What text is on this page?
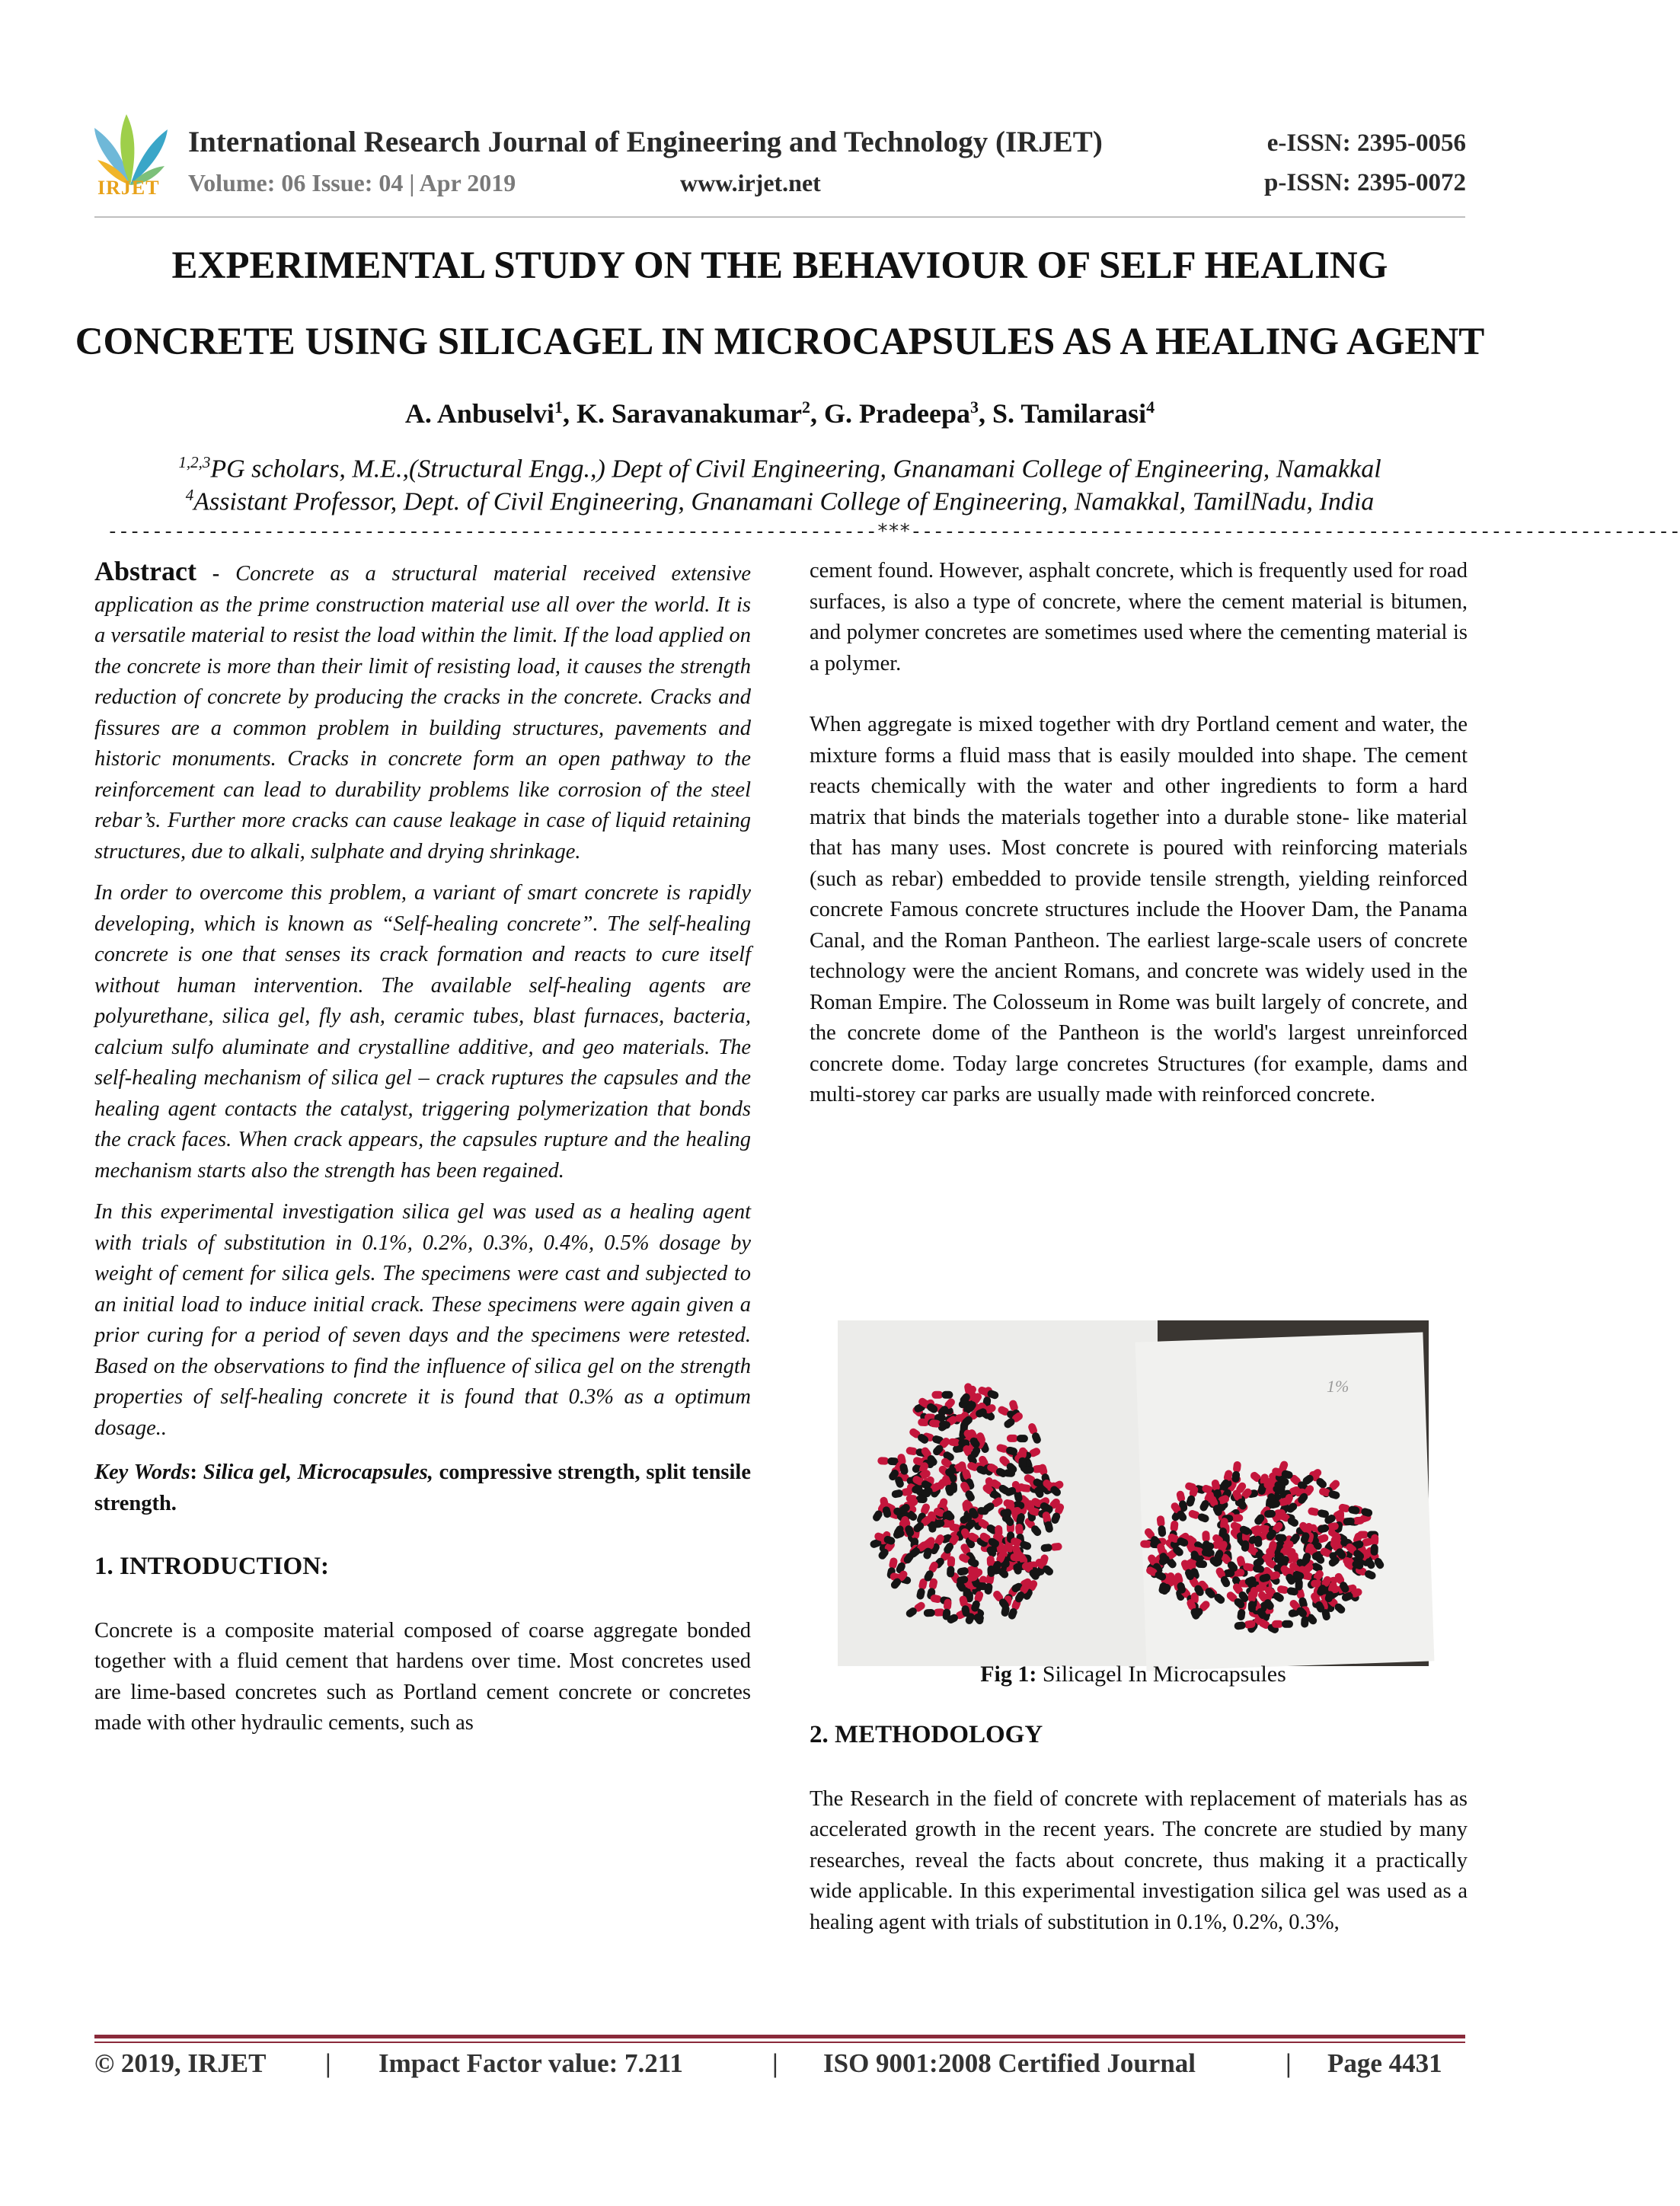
IRJET
International Research Journal of Engineering and Technology (IRJET)	e-ISSN: 2395-0056
Volume: 06 Issue: 04 | Apr 2019	www.irjet.net	p-ISSN: 2395-0072
EXPERIMENTAL STUDY ON THE BEHAVIOUR OF SELF HEALING
CONCRETE USING SILICAGEL IN MICROCAPSULES AS A HEALING AGENT
A. Anbuselvi$^1$, K. Saravanakumar$^2$, G. Pradeepa$^3$, S. Tamilarasi$^4$
$^{1,2,3}$PG scholars, M.E.,(Structural Engg.,) Dept of Civil Engineering, Gnanamani College of Engineering, Namakkal
$^4$Assistant Professor, Dept. of Civil Engineering, Gnanamani College of Engineering, Namakkal, TamilNadu, India
---------------------------------------------------------------------***---------------------------------------------------------------------

Abstract - Concrete as a structural material received extensive application as the prime construction material use all over the world. It is a versatile material to resist the load within the limit. If the load applied on the concrete is more than their limit of resisting load, it causes the strength reduction of concrete by producing the cracks in the concrete. Cracks and fissures are a common problem in building structures, pavements and historic monuments. Cracks in concrete form an open pathway to the reinforcement can lead to durability problems like corrosion of the steel rebar’s. Further more cracks can cause leakage in case of liquid retaining structures, due to alkali, sulphate and drying shrinkage.

In order to overcome this problem, a variant of smart concrete is rapidly developing, which is known as “Self-healing concrete”. The self-healing concrete is one that senses its crack formation and reacts to cure itself without human intervention. The available self-healing agents are polyurethane, silica gel, fly ash, ceramic tubes, blast furnaces, bacteria, calcium sulfo aluminate and crystalline additive, and geo materials. The self-healing mechanism of silica gel – crack ruptures the capsules and the healing agent contacts the catalyst, triggering polymerization that bonds the crack faces. When crack appears, the capsules rupture and the healing mechanism starts also the strength has been regained.

In this experimental investigation silica gel was used as a healing agent with trials of substitution in 0.1%, 0.2%, 0.3%, 0.4%, 0.5% dosage by weight of cement for silica gels. The specimens were cast and subjected to an initial load to induce initial crack. These specimens were again given a prior curing for a period of seven days and the specimens were retested. Based on the observations to find the influence of silica gel on the strength properties of self-healing concrete it is found that 0.3% as a optimum dosage..

Key Words: Silica gel, Microcapsules, compressive strength, split tensile strength.

1. INTRODUCTION:

Concrete is a composite material composed of coarse aggregate bonded together with a fluid cement that hardens over time. Most concretes used are lime-based concretes such as Portland cement concrete or concretes made with other hydraulic cements, such as

cement found. However, asphalt concrete, which is frequently used for road surfaces, is also a type of concrete, where the cement material is bitumen, and polymer concretes are sometimes used where the cementing material is a polymer.

When aggregate is mixed together with dry Portland cement and water, the mixture forms a fluid mass that is easily moulded into shape. The cement reacts chemically with the water and other ingredients to form a hard matrix that binds the materials together into a durable stone- like material that has many uses. Most concrete is poured with reinforcing materials (such as rebar) embedded to provide tensile strength, yielding reinforced concrete Famous concrete structures include the Hoover Dam, the Panama Canal, and the Roman Pantheon. The earliest large-scale users of concrete technology were the ancient Romans, and concrete was widely used in the Roman Empire. The Colosseum in Rome was built largely of concrete, and the concrete dome of the Pantheon is the world's largest unreinforced concrete dome. Today large concretes Structures (for example, dams and multi-storey car parks are usually made with reinforced concrete.

1%
Fig 1: Silicagel In Microcapsules

2. METHODOLOGY

The Research in the field of concrete with replacement of materials has as accelerated growth in the recent years. The concrete are studied by many researches, reveal the facts about concrete, thus making it a practically wide applicable. In this experimental investigation silica gel was used as a healing agent with trials of substitution in 0.1%, 0.2%, 0.3%,

© 2019, IRJET | Impact Factor value: 7.211	| ISO 9001:2008 Certified Journal	| Page 4431
